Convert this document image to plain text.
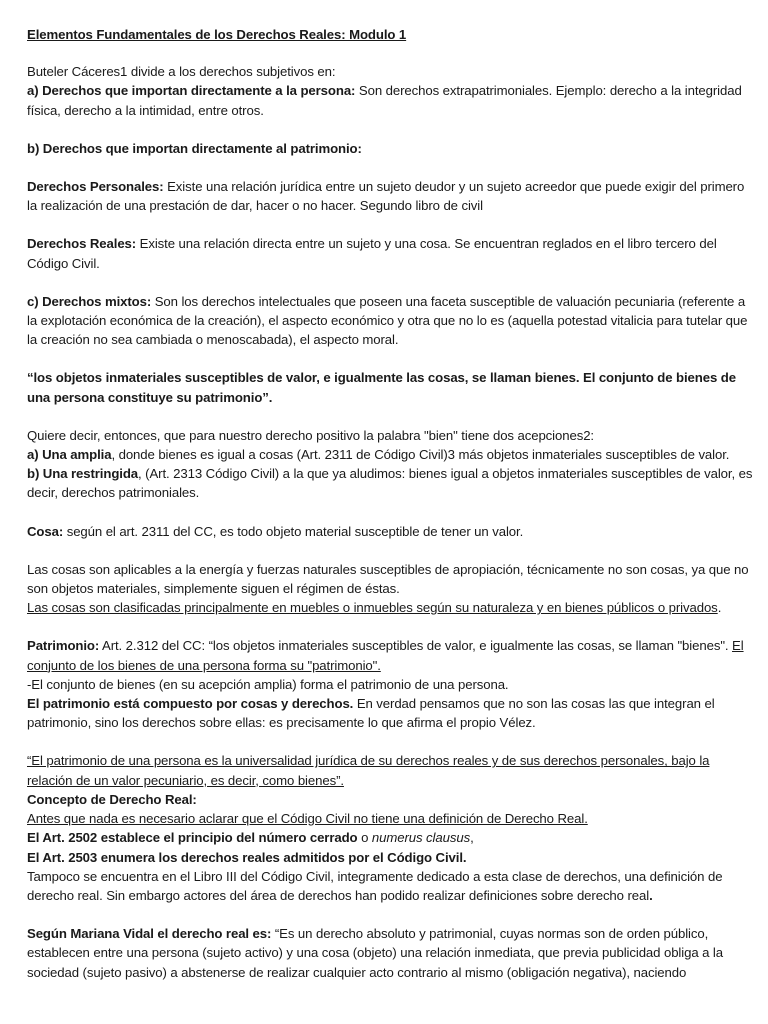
Elementos Fundamentales de los Derechos Reales: Modulo 1

Buteler Cáceres1 divide a los derechos subjetivos en:
a) Derechos que importan directamente a la persona: Son derechos extrapatrimoniales. Ejemplo: derecho a la integridad física, derecho a la intimidad, entre otros.

b) Derechos que importan directamente al patrimonio:

Derechos Personales: Existe una relación jurídica entre un sujeto deudor y un sujeto acreedor que puede exigir del primero la realización de una prestación de dar, hacer o no hacer. Segundo libro de civil

Derechos Reales: Existe una relación directa entre un sujeto y una cosa. Se encuentran reglados en el libro tercero del Código Civil.

c) Derechos mixtos: Son los derechos intelectuales que poseen una faceta susceptible de valuación pecuniaria (referente a la explotación económica de la creación), el aspecto económico y otra que no lo es (aquella potestad vitalicia para tutelar que la creación no sea cambiada o menoscabada), el aspecto moral.

“los objetos inmateriales susceptibles de valor, e igualmente las cosas, se llaman bienes. El conjunto de bienes de una persona constituye su patrimonio”.

Quiere decir, entonces, que para nuestro derecho positivo la palabra "bien" tiene dos acepciones2:
a) Una amplia, donde bienes es igual a cosas (Art. 2311 de Código Civil)3 más objetos inmateriales susceptibles de valor.
b) Una restringida, (Art. 2313 Código Civil) a la que ya aludimos: bienes igual a objetos inmateriales susceptibles de valor, es decir, derechos patrimoniales.

Cosa: según el art. 2311 del CC, es todo objeto material susceptible de tener un valor.

Las cosas son aplicables a la energía y fuerzas naturales susceptibles de apropiación, técnicamente no son cosas, ya que no son objetos materiales, simplemente siguen el régimen de éstas.
Las cosas son clasificadas principalmente en muebles o inmuebles según su naturaleza y en bienes públicos o privados.

Patrimonio: Art. 2.312 del CC: “los objetos inmateriales susceptibles de valor, e igualmente las cosas, se llaman "bienes". El conjunto de los bienes de una persona forma su "patrimonio".
-El conjunto de bienes (en su acepción amplia) forma el patrimonio de una persona.
El patrimonio está compuesto por cosas y derechos. En verdad pensamos que no son las cosas las que integran el patrimonio, sino los derechos sobre ellas: es precisamente lo que afirma el propio Vélez.

“El patrimonio de una persona es la universalidad jurídica de su derechos reales y de sus derechos personales, bajo la relación de un valor pecuniario, es decir, como bienes”.
Concepto de Derecho Real:
Antes que nada es necesario aclarar que el Código Civil no tiene una definición de Derecho Real.
El Art. 2502 establece el principio del número cerrado o numerus clausus,
El Art. 2503 enumera los derechos reales admitidos por el Código Civil.
Tampoco se encuentra en el Libro III del Código Civil, integramente dedicado a esta clase de derechos, una definición de derecho real. Sin embargo actores del área de derechos han podido realizar definiciones sobre derecho real.

Según Mariana Vidal el derecho real es: “Es un derecho absoluto y patrimonial, cuyas normas son de orden público, establecen entre una persona (sujeto activo) y una cosa (objeto) una relación inmediata, que previa publicidad obliga a la sociedad (sujeto pasivo) a abstenerse de realizar cualquier acto contrario al mismo (obligación negativa), naciendo
